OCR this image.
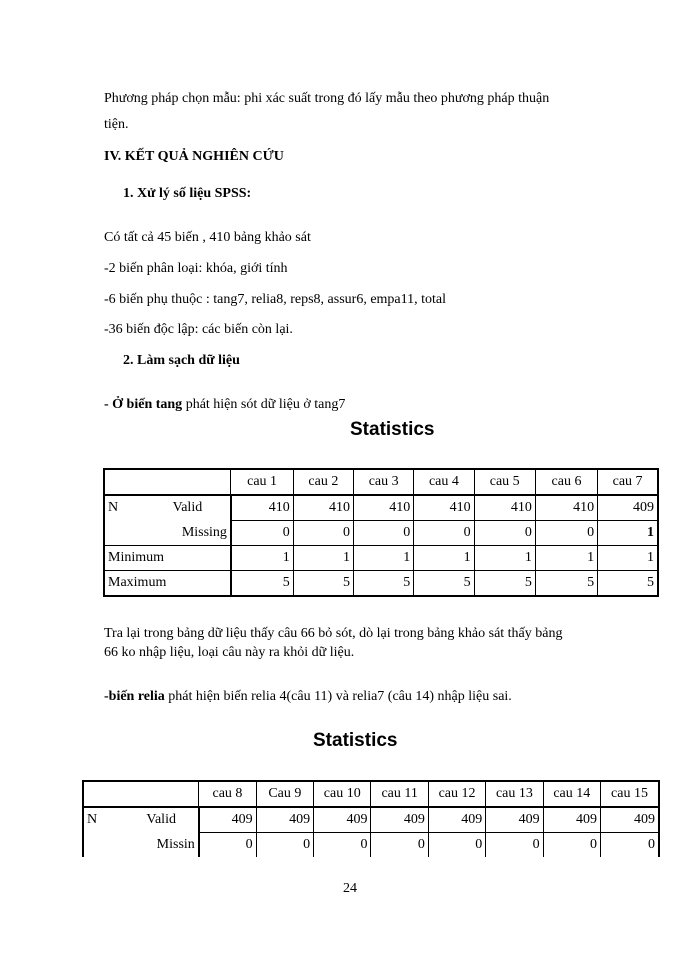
Phương pháp chọn mẫu: phi xác suất trong đó lấy mẫu theo phương pháp thuận
tiện.
IV. KẾT QUẢ NGHIÊN CỨU
1. Xử lý số liệu SPSS:
Có tất cả 45 biến , 410 bảng khảo sát
-2 biến phân loại: khóa, giới tính
-6 biến phụ thuộc : tang7, relia8, reps8, assur6, empa11, total
-36 biến độc lập: các biến còn lại.
2. Làm sạch dữ liệu
- Ở biến tang phát hiện sót dữ liệu ở tang7
Statistics
		cau 1	cau 2	cau 3	cau 4	cau 5	cau 6	cau 7
N	Valid	410	410	410	410	410	410	409
	Missing	0	0	0	0	0	0	1
Minimum		1	1	1	1	1	1	1
Maximum		5	5	5	5	5	5	5
Tra lại trong bảng dữ liệu thấy câu 66 bỏ sót, dò lại trong bảng khảo sát thấy bảng
66 ko nhập liệu, loại câu này ra khỏi dữ liệu.
-biến relia phát hiện biến relia 4(câu 11) và relia7 (câu 14) nhập liệu sai.
Statistics
		cau 8	Cau 9	cau 10	cau 11	cau 12	cau 13	cau 14	cau 15
N	Valid	409	409	409	409	409	409	409	409
	Missin	0	0	0	0	0	0	0	0
24
